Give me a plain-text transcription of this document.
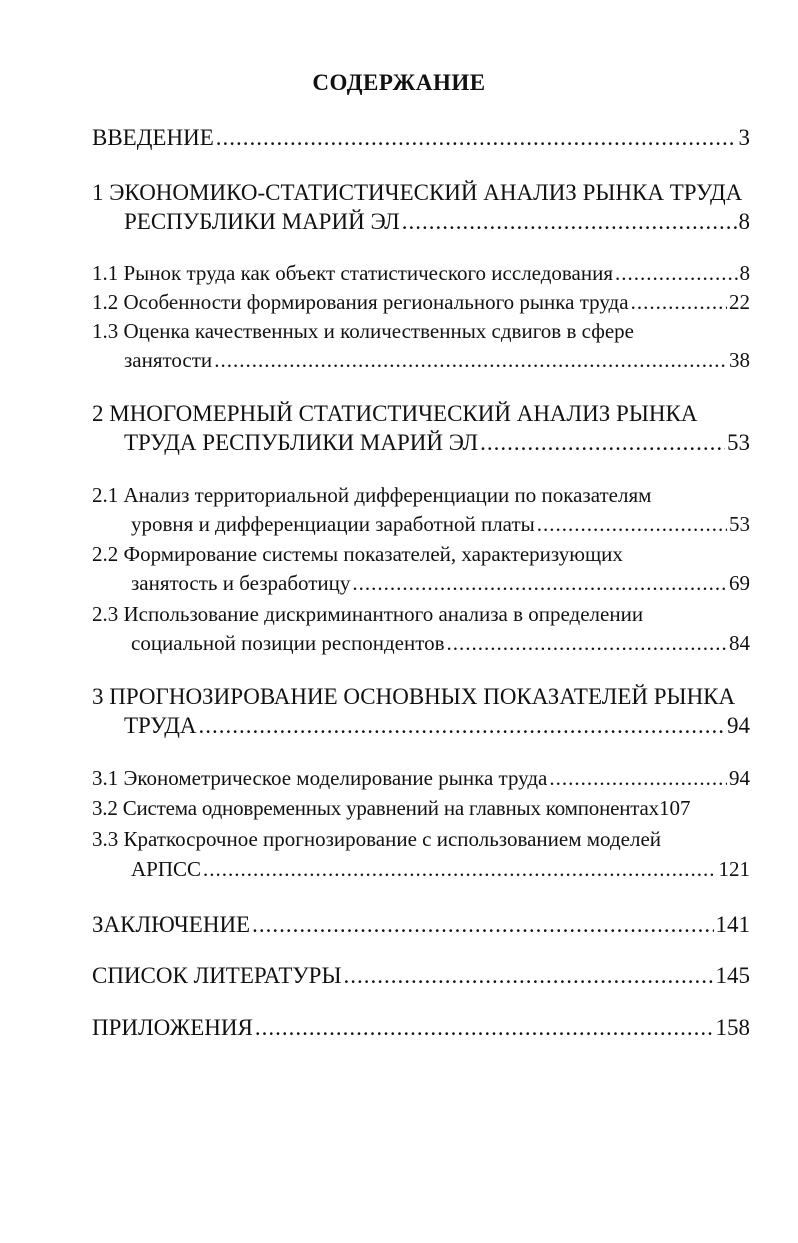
СОДЕРЖАНИЕ
ВВЕДЕНИЕ .....	3
1 ЭКОНОМИКО-СТАТИСТИЧЕСКИЙ АНАЛИЗ РЫНКА ТРУДА
РЕСПУБЛИКИ МАРИЙ ЭЛ .....	8
1.1 Рынок труда как объект статистического исследования .....	8
1.2 Особенности формирования регионального рынка труда .....	22
1.3 Оценка качественных и количественных сдвигов в сфере
занятости .....	38
2 МНОГОМЕРНЫЙ СТАТИСТИЧЕСКИЙ АНАЛИЗ РЫНКА
ТРУДА РЕСПУБЛИКИ МАРИЙ ЭЛ .....	53
2.1 Анализ территориальной дифференциации по показателям
уровня и дифференциации заработной платы .....	53
2.2 Формирование системы показателей, характеризующих
занятость и безработицу .....	69
2.3 Использование дискриминантного анализа в определении
социальной позиции респондентов .....	84
3 ПРОГНОЗИРОВАНИЕ ОСНОВНЫХ ПОКАЗАТЕЛЕЙ РЫНКА
ТРУДА .....	94
3.1 Эконометрическое моделирование рынка труда .....	94
3.2 Система одновременных уравнений на главных компонентах 107
3.3 Краткосрочное прогнозирование с использованием моделей
АРПСС .....	121
ЗАКЛЮЧЕНИЕ .....	141
СПИСОК ЛИТЕРАТУРЫ .....	145
ПРИЛОЖЕНИЯ .....	158
